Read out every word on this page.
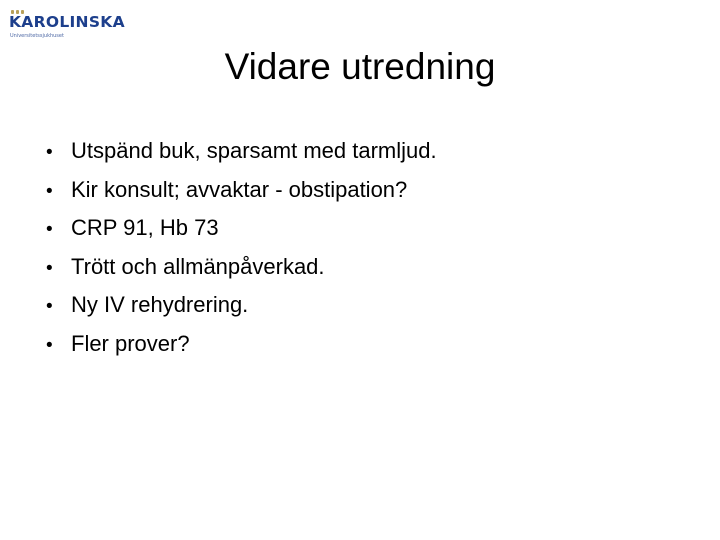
KAROLINSKA
Universitetssjukhuset
Vidare utredning
• Utspänd buk, sparsamt med tarmljud.
• Kir konsult; avvaktar - obstipation?
• CRP 91, Hb 73
• Trött och allmänpåverkad.
• Ny IV rehydrering.
• Fler prover?
